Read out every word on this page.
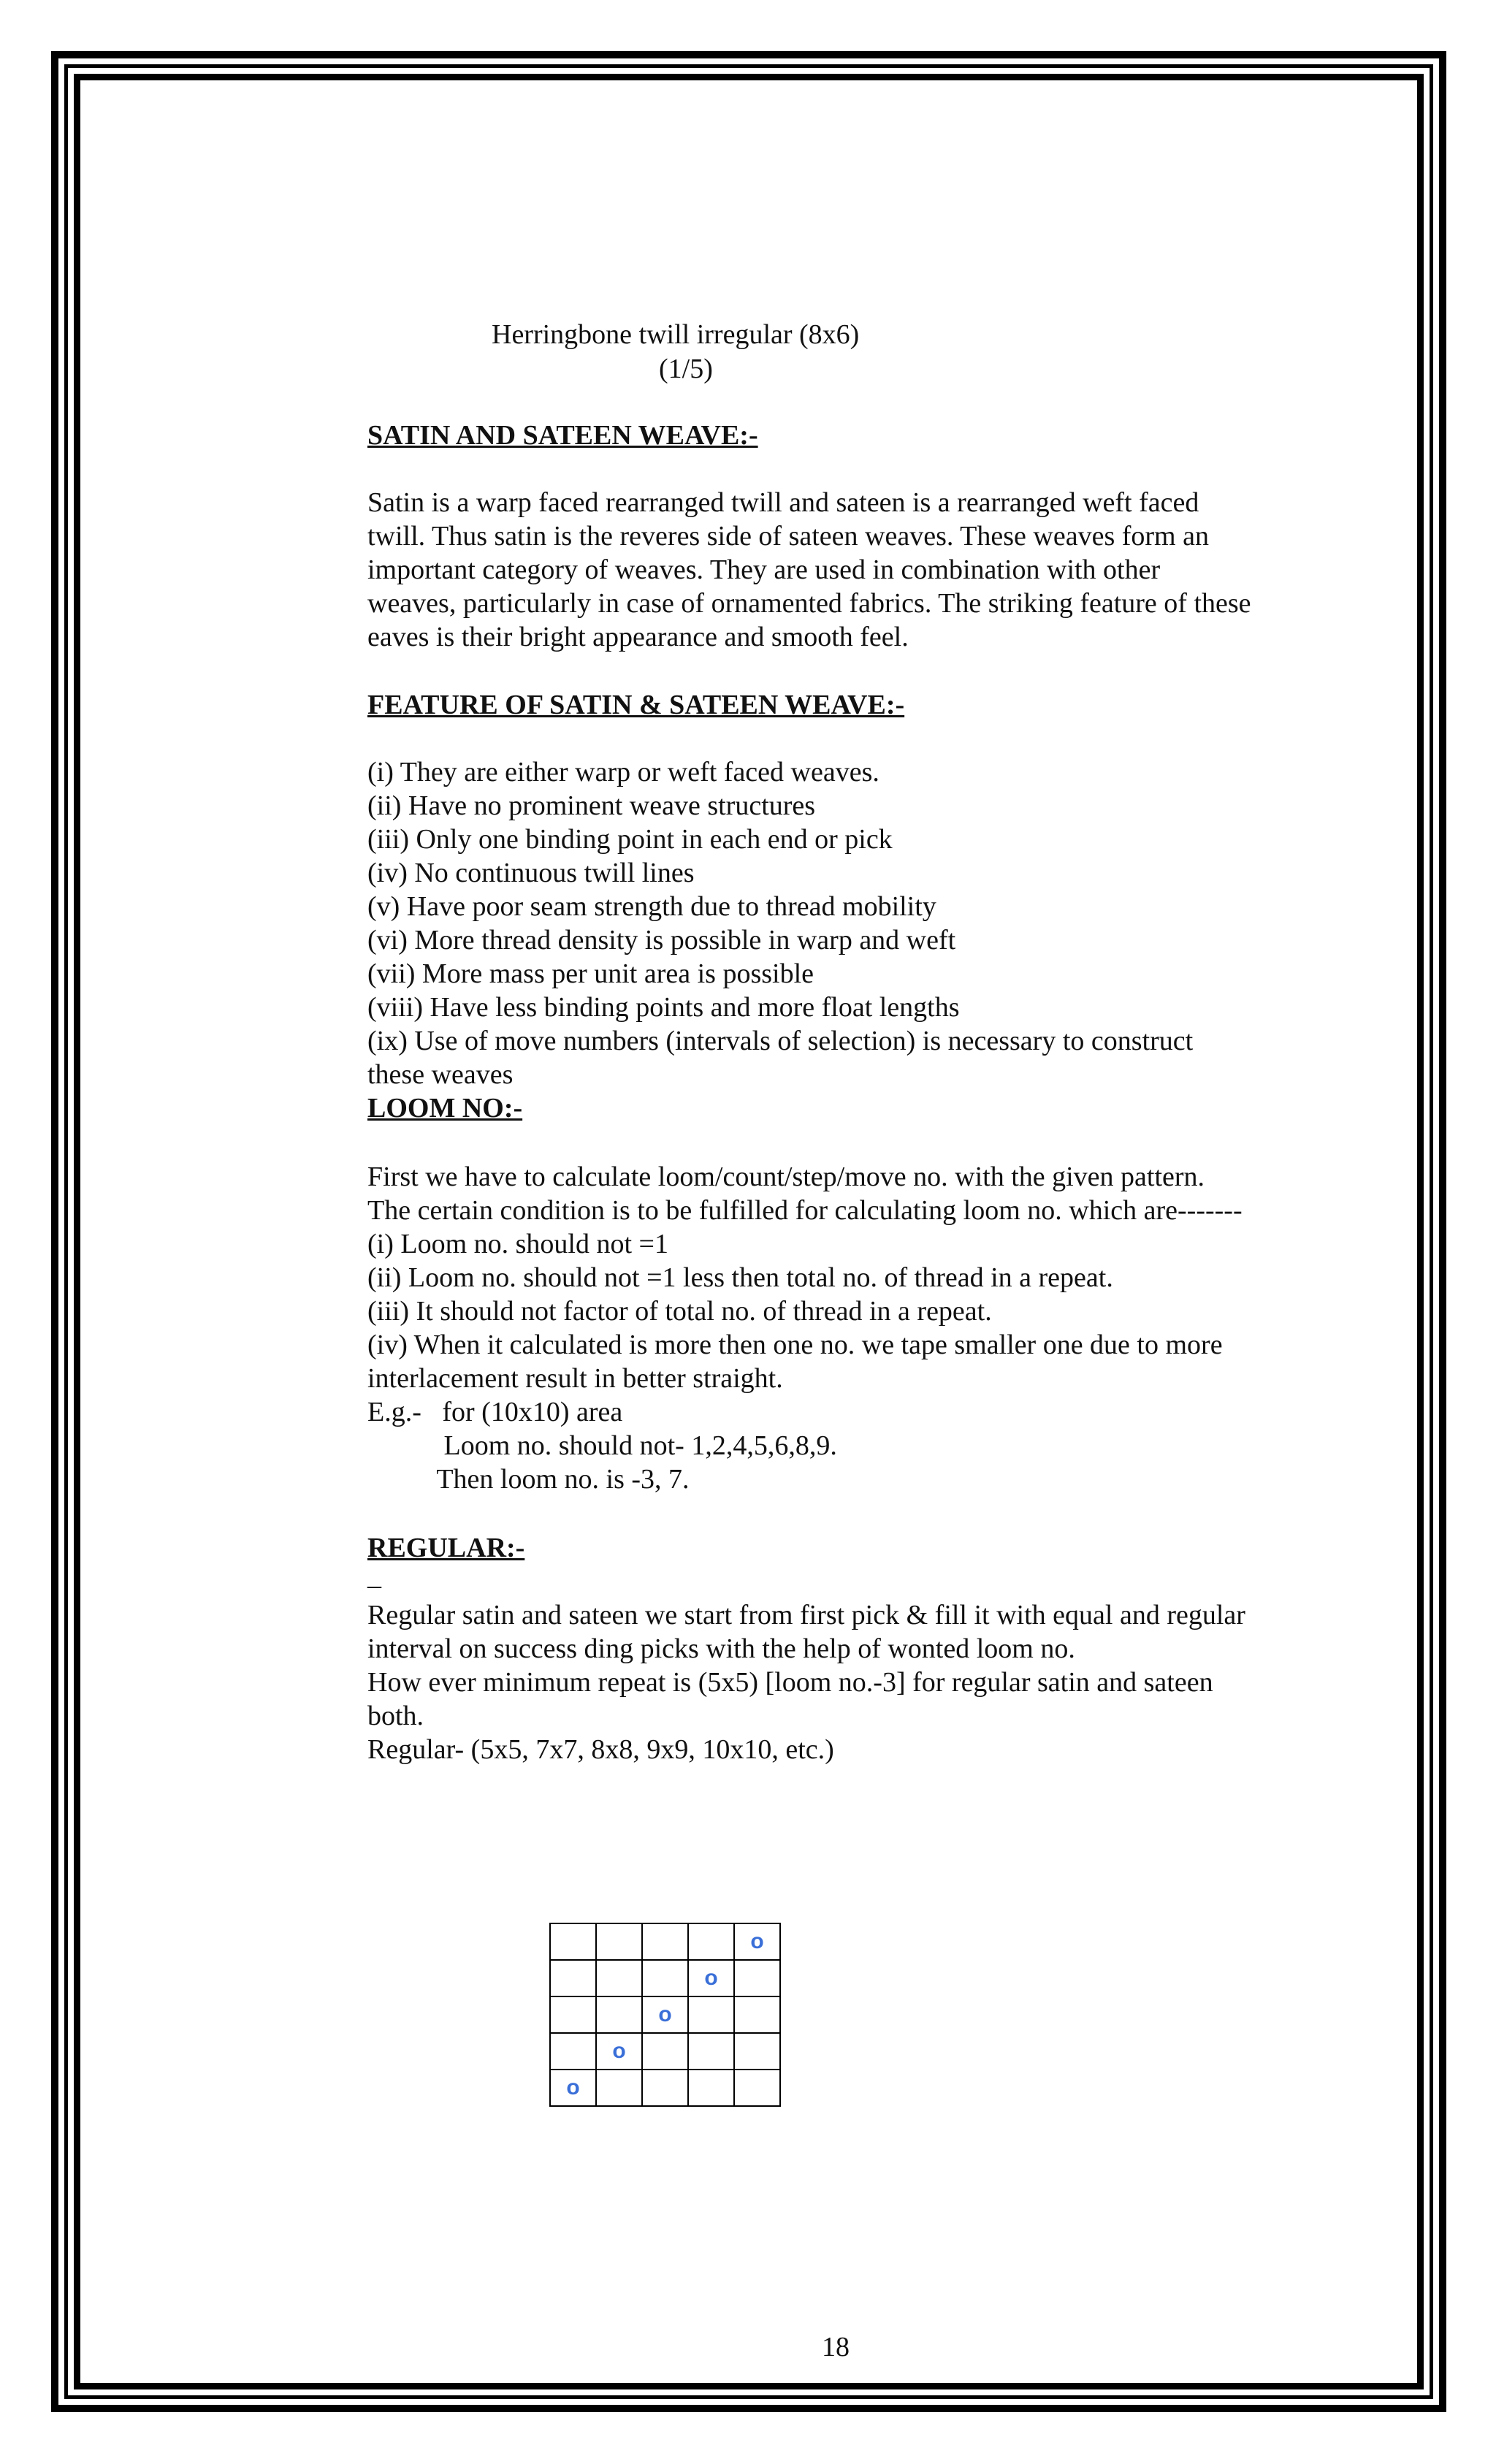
Herringbone twill irregular (8x6)

(1/5)

SATIN AND SATEEN WEAVE:-

Satin is a warp faced rearranged twill and sateen is a rearranged weft faced
twill. Thus satin is the reveres side of sateen weaves. These weaves form an
important category of weaves. They are used in combination with other
weaves, particularly in case of ornamented fabrics. The striking feature of these
eaves is their bright appearance and smooth feel.

FEATURE OF SATIN & SATEEN WEAVE:-

(i) They are either warp or weft faced weaves.
(ii) Have no prominent weave structures
(iii) Only one binding point in each end or pick
(iv) No continuous twill lines
(v) Have poor seam strength due to thread mobility
(vi) More thread density is possible in warp and weft
(vii) More mass per unit area is possible
(viii) Have less binding points and more float lengths
(ix) Use of move numbers (intervals of selection) is necessary to construct
these weaves
LOOM NO:-
First we have to calculate loom/count/step/move no. with the given pattern.
The certain condition is to be fulfilled for calculating loom no. which are-------
(i) Loom no. should not =1
(ii) Loom no. should not =1 less then total no. of thread in a repeat.
(iii) It should not factor of total no. of thread in a repeat.
(iv) When it calculated is more then one no. we tape smaller one due to more
interlacement result in better straight.
E.g.-   for (10x10) area
Loom no. should not- 1,2,4,5,6,8,9.
Then loom no. is -3, 7.

REGULAR:-

_

Regular satin and sateen we start from first pick & fill it with equal and regular
interval on success ding picks with the help of wonted loom no.
How ever minimum repeat is (5x5) [loom no.-3] for regular satin and sateen
both.
Regular- (5x5, 7x7, 8x8, 9x9, 10x10, etc.)
				o
			o	
		o		
	o			
o				

18
